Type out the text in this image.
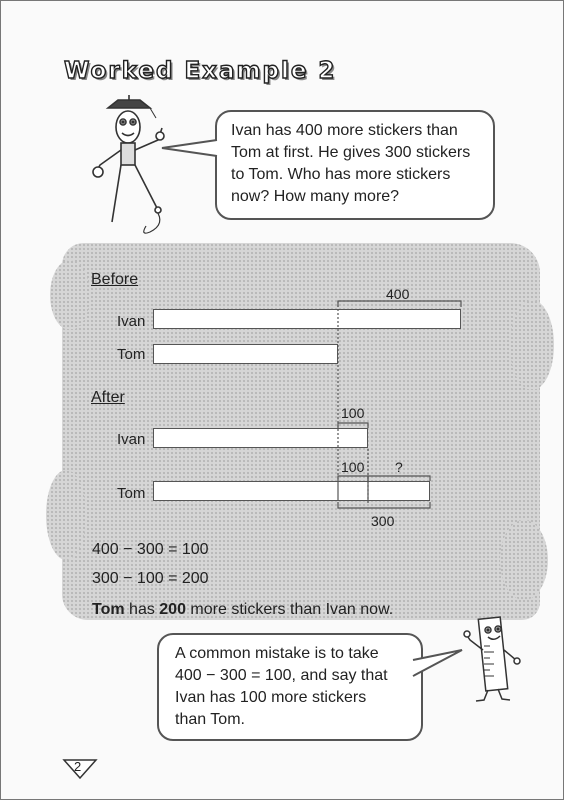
Worked Example 2
Ivan has 400 more stickers than
Tom at first. He gives 300 stickers
to Tom. Who has more stickers
now? How many more?
Before
Ivan
Tom
400
After
Ivan
Tom
100
100 ?
300
400 − 300 = 100
300 − 100 = 200
Tom has 200 more stickers than Ivan now.
A common mistake is to take
400 − 300 = 100, and say that
Ivan has 100 more stickers
than Tom.
2
